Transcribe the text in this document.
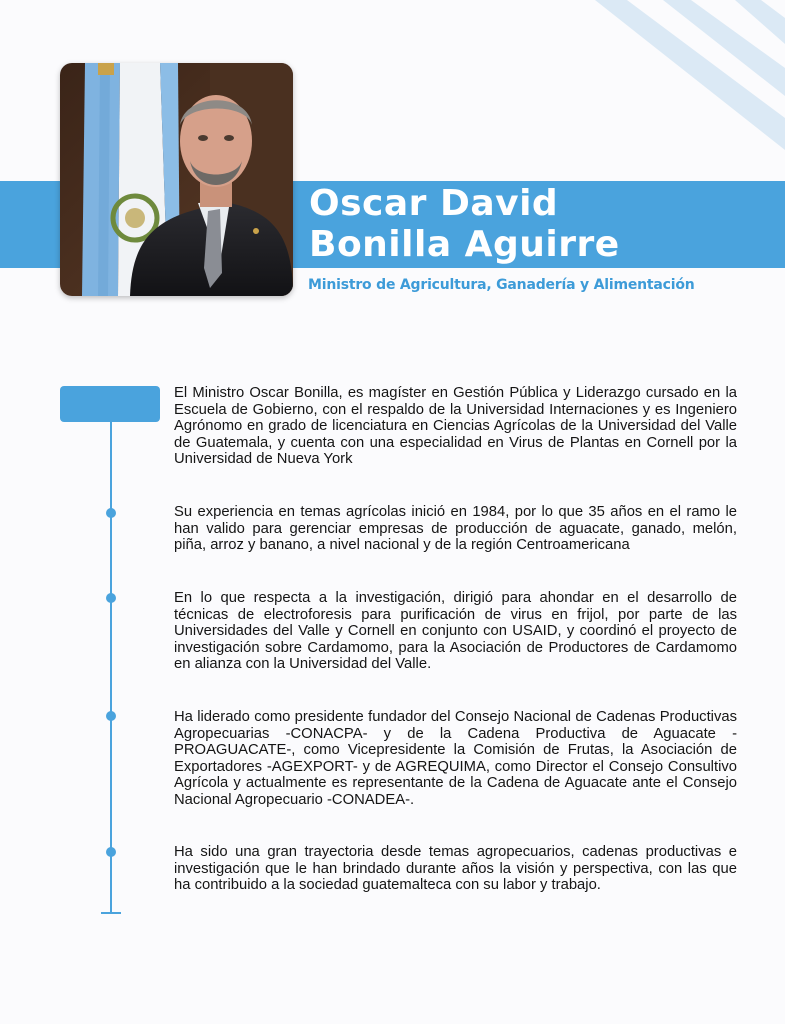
Oscar David
Bonilla Aguirre
Ministro de Agricultura, Ganadería y Alimentación

El Ministro Oscar Bonilla, es magíster en Gestión Pública y Liderazgo cursado en la Escuela de Gobierno, con el respaldo de la Universidad Internaciones y es Ingeniero Agrónomo en grado de licenciatura en Ciencias Agrícolas de la Universidad del Valle de Guatemala, y cuenta con una especialidad en Virus de Plantas en Cornell por la Universidad de Nueva York

Su experiencia en temas agrícolas inició en 1984, por lo que 35 años en el ramo le han valido para gerenciar empresas de producción de aguacate, ganado, melón, piña, arroz y banano, a nivel nacional y de la región Centroamericana

En lo que respecta a la investigación, dirigió para ahondar en el desarrollo de técnicas de electroforesis para purificación de virus en frijol, por parte de las Universidades del Valle y Cornell en conjunto con USAID, y coordinó el proyecto de investigación sobre Cardamomo, para la Asociación de Productores de Cardamomo en alianza con la Universidad del Valle.

Ha liderado como presidente fundador del Consejo Nacional de Cadenas Productivas Agropecuarias -CONACPA- y de la Cadena Productiva de Aguacate -PROAGUACATE-, como Vicepresidente la Comisión de Frutas, la Asociación de Exportadores -AGEXPORT- y de AGREQUIMA, como Director el Consejo Consultivo Agrícola y actualmente es representante de la Cadena de Aguacate ante el Consejo Nacional Agropecuario -CONADEA-.

Ha sido una gran trayectoria desde temas agropecuarios, cadenas productivas e investigación que le han brindado durante años la visión y perspectiva, con las que ha contribuido a la sociedad guatemalteca con su labor y trabajo.
